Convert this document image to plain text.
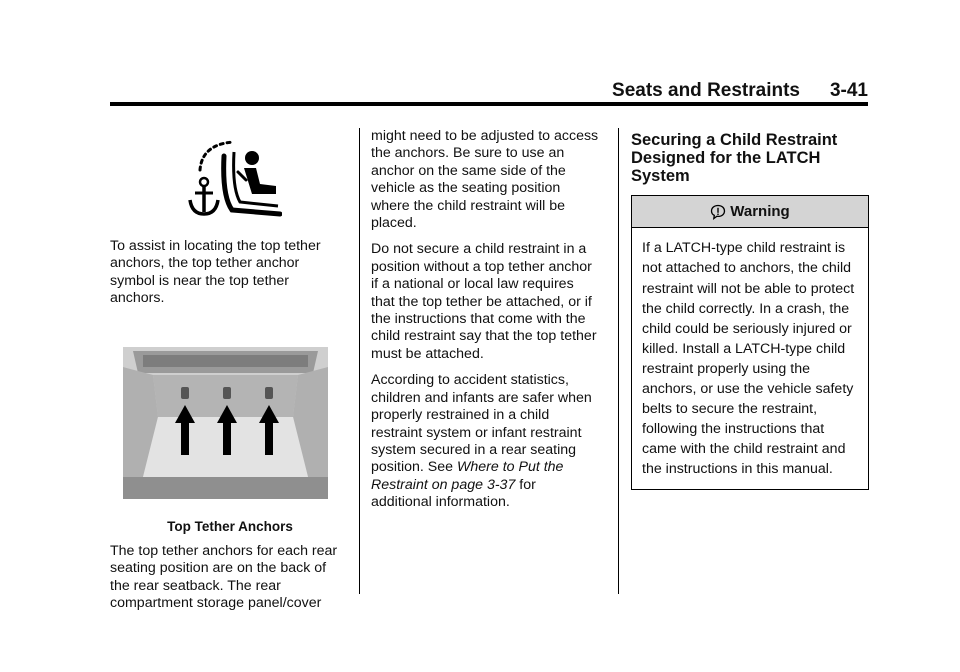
Seats and Restraints 3-41

To assist in locating the top tether
anchors, the top tether anchor
symbol is near the top tether
anchors.

Top Tether Anchors

The top tether anchors for each rear
seating position are on the back of
the rear seatback. The rear
compartment storage panel/cover

might need to be adjusted to access
the anchors. Be sure to use an
anchor on the same side of the
vehicle as the seating position
where the child restraint will be
placed.

Do not secure a child restraint in a
position without a top tether anchor
if a national or local law requires
that the top tether be attached, or if
the instructions that come with the
child restraint say that the top tether
must be attached.

According to accident statistics,
children and infants are safer when
properly restrained in a child
restraint system or infant restraint
system secured in a rear seating
position. See Where to Put the
Restraint on page 3-37 for
additional information.

Securing a Child Restraint
Designed for the LATCH
System
Warning
If a LATCH-type child restraint is
not attached to anchors, the child
restraint will not be able to protect
the child correctly. In a crash, the
child could be seriously injured or
killed. Install a LATCH-type child
restraint properly using the
anchors, or use the vehicle safety
belts to secure the restraint,
following the instructions that
came with the child restraint and
the instructions in this manual.
